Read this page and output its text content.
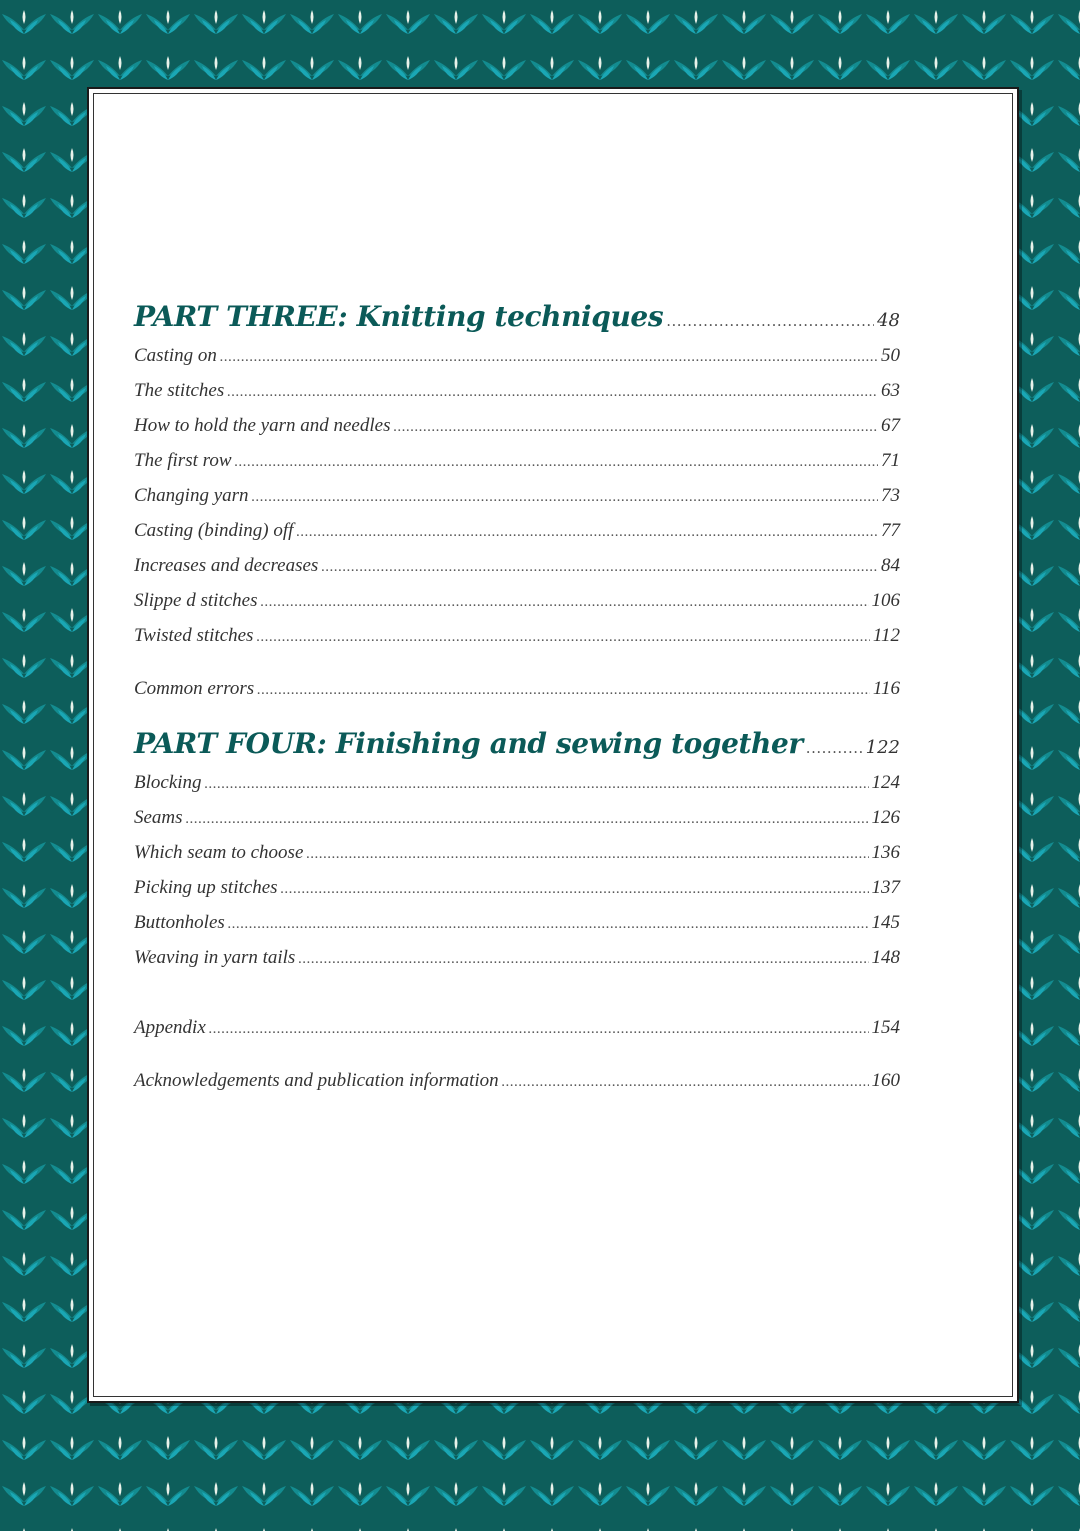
PART THREE: Knitting techniques .....	48
Casting on .....	50
The stitches .....	63
How to hold the yarn and needles .....	67
The first row .....	71
Changing yarn .....	73
Casting (binding) off .....	77
Increases and decreases .....	84
Slippe d stitches .....	106
Twisted stitches .....	112
Common errors .....	116
PART FOUR: Finishing and sewing together .....	122
Blocking .....	124
Seams .....	126
Which seam to choose .....	136
Picking up stitches .....	137
Buttonholes .....	145
Weaving in yarn tails .....	148
Appendix .....	154
Acknowledgements and publication information .....	160
